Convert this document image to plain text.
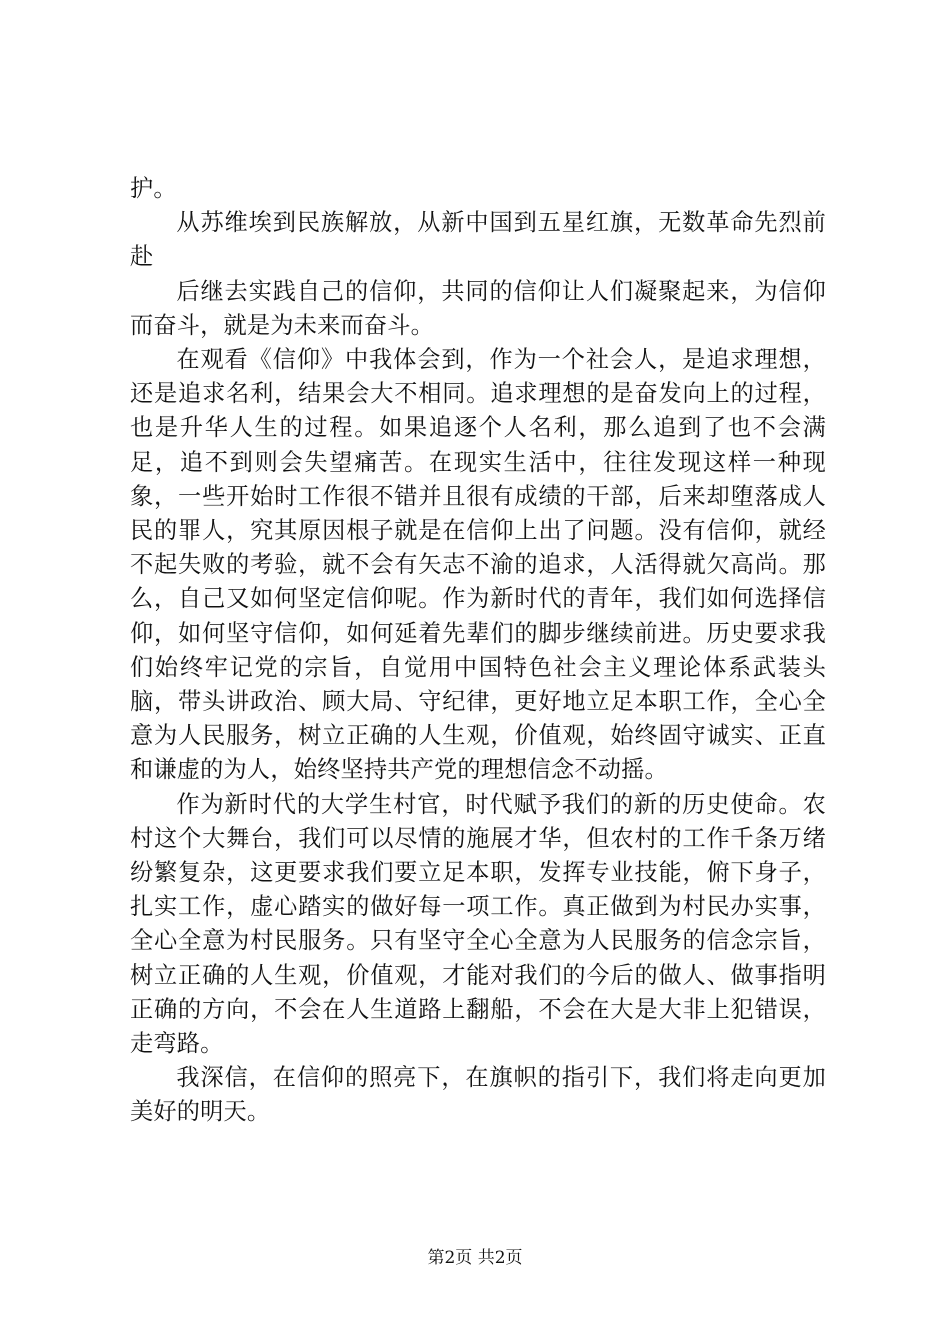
护。

从苏维埃到民族解放，从新中国到五星红旗，无数革命先烈前赴

后继去实践自己的信仰，共同的信仰让人们凝聚起来，为信仰而奋斗，就是为未来而奋斗。

在观看《信仰》中我体会到，作为一个社会人，是追求理想，还是追求名利，结果会大不相同。追求理想的是奋发向上的过程，也是升华人生的过程。如果追逐个人名利，那么追到了也不会满足，追不到则会失望痛苦。在现实生活中，往往发现这样一种现象，一些开始时工作很不错并且很有成绩的干部，后来却堕落成人民的罪人，究其原因根子就是在信仰上出了问题。没有信仰，就经不起失败的考验，就不会有矢志不渝的追求，人活得就欠高尚。那么，自己又如何坚定信仰呢。作为新时代的青年，我们如何选择信仰，如何坚守信仰，如何延着先辈们的脚步继续前进。历史要求我们始终牢记党的宗旨，自觉用中国特色社会主义理论体系武装头脑，带头讲政治、顾大局、守纪律，更好地立足本职工作，全心全意为人民服务，树立正确的人生观，价值观，始终固守诚实、正直和谦虚的为人，始终坚持共产党的理想信念不动摇。

作为新时代的大学生村官，时代赋予我们的新的历史使命。农村这个大舞台，我们可以尽情的施展才华，但农村的工作千条万绪纷繁复杂，这更要求我们要立足本职，发挥专业技能，俯下身子，扎实工作，虚心踏实的做好每一项工作。真正做到为村民办实事，全心全意为村民服务。只有坚守全心全意为人民服务的信念宗旨，树立正确的人生观，价值观，才能对我们的今后的做人、做事指明正确的方向，不会在人生道路上翻船，不会在大是大非上犯错误，走弯路。

我深信，在信仰的照亮下，在旗帜的指引下，我们将走向更加美好的明天。

第2页 共2页
